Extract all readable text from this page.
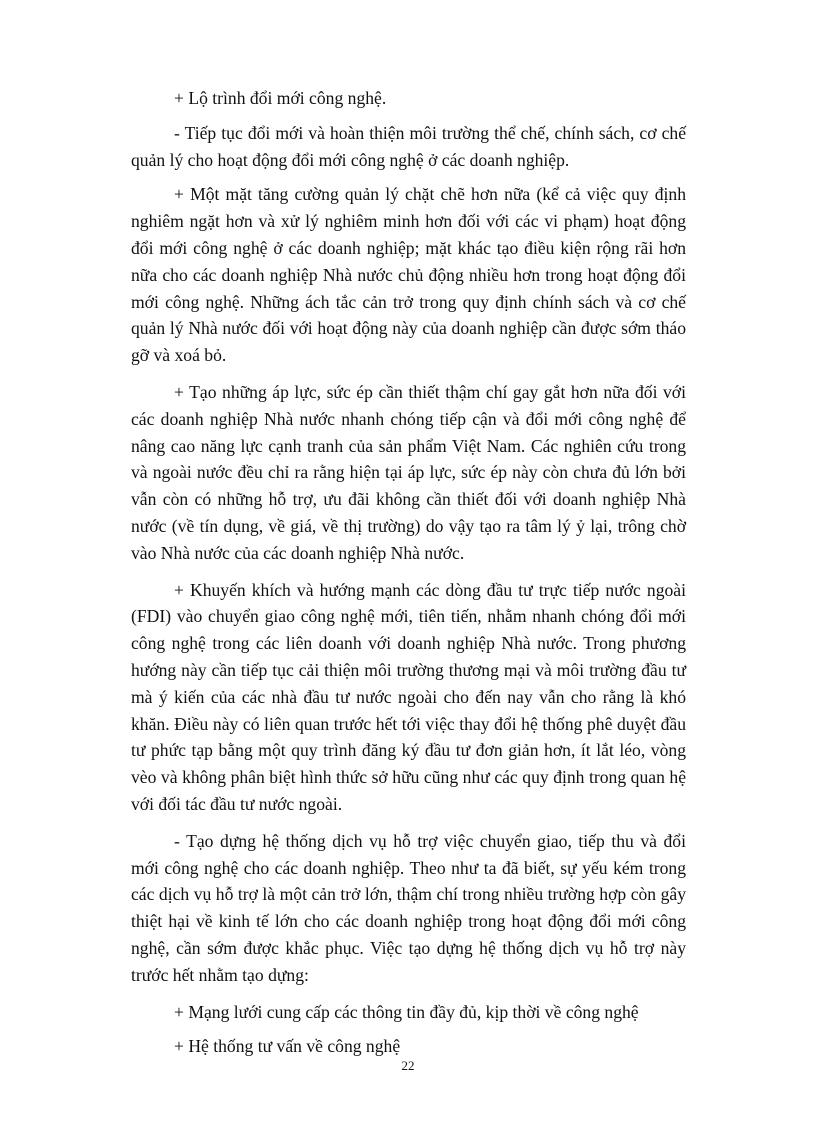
+ Lộ trình đổi mới công nghệ.

- Tiếp tục đổi mới và hoàn thiện môi trường thể chế, chính sách, cơ chế quản lý cho hoạt động đổi mới công nghệ ở các doanh nghiệp.

+ Một mặt tăng cường quản lý chặt chẽ hơn nữa (kể cả việc quy định nghiêm ngặt hơn và xử lý nghiêm minh hơn đối với các vi phạm) hoạt động đổi mới công nghệ ở các doanh nghiệp; mặt khác tạo điều kiện rộng rãi hơn nữa cho các doanh nghiệp Nhà nước chủ động nhiều hơn trong hoạt động đổi mới công nghệ. Những ách tắc cản trở trong quy định chính sách và cơ chế quản lý Nhà nước đối với hoạt động này của doanh nghiệp cần được sớm tháo gỡ và xoá bỏ.

+ Tạo những áp lực, sức ép cần thiết thậm chí gay gắt hơn nữa đối với các doanh nghiệp Nhà nước nhanh chóng tiếp cận và đổi mới công nghệ để nâng cao năng lực cạnh tranh của sản phẩm Việt Nam. Các nghiên cứu trong và ngoài nước đều chỉ ra rằng hiện tại áp lực, sức ép này còn chưa đủ lớn bởi vẫn còn có những hỗ trợ, ưu đãi không cần thiết đối với doanh nghiệp Nhà nước (về tín dụng, về giá, về thị trường) do vậy tạo ra tâm lý ỷ lại, trông chờ vào Nhà nước của các doanh nghiệp Nhà nước.

+ Khuyến khích và hướng mạnh các dòng đầu tư trực tiếp nước ngoài (FDI) vào chuyển giao công nghệ mới, tiên tiến, nhằm nhanh chóng đổi mới công nghệ trong các liên doanh với doanh nghiệp Nhà nước. Trong phương hướng này cần tiếp tục cải thiện môi trường thương mại và môi trường đầu tư mà ý kiến của các nhà đầu tư nước ngoài cho đến nay vẫn cho rằng là khó khăn. Điều này có liên quan trước hết tới việc thay đổi hệ thống phê duyệt đầu tư phức tạp bằng một quy trình đăng ký đầu tư đơn giản hơn, ít lắt léo, vòng vèo và không phân biệt hình thức sở hữu cũng như các quy định trong quan hệ với đối tác đầu tư nước ngoài.

- Tạo dựng hệ thống dịch vụ hỗ trợ việc chuyển giao, tiếp thu và đổi mới công nghệ cho các doanh nghiệp. Theo như ta đã biết, sự yếu kém trong các dịch vụ hỗ trợ là một cản trở lớn, thậm chí trong nhiều trường hợp còn gây thiệt hại về kinh tế lớn cho các doanh nghiệp trong hoạt động đổi mới công nghệ, cần sớm được khắc phục. Việc tạo dựng hệ thống dịch vụ hỗ trợ này trước hết nhằm tạo dựng:

+ Mạng lưới cung cấp các thông tin đầy đủ, kịp thời về công nghệ

+ Hệ thống tư vấn về công nghệ

22
